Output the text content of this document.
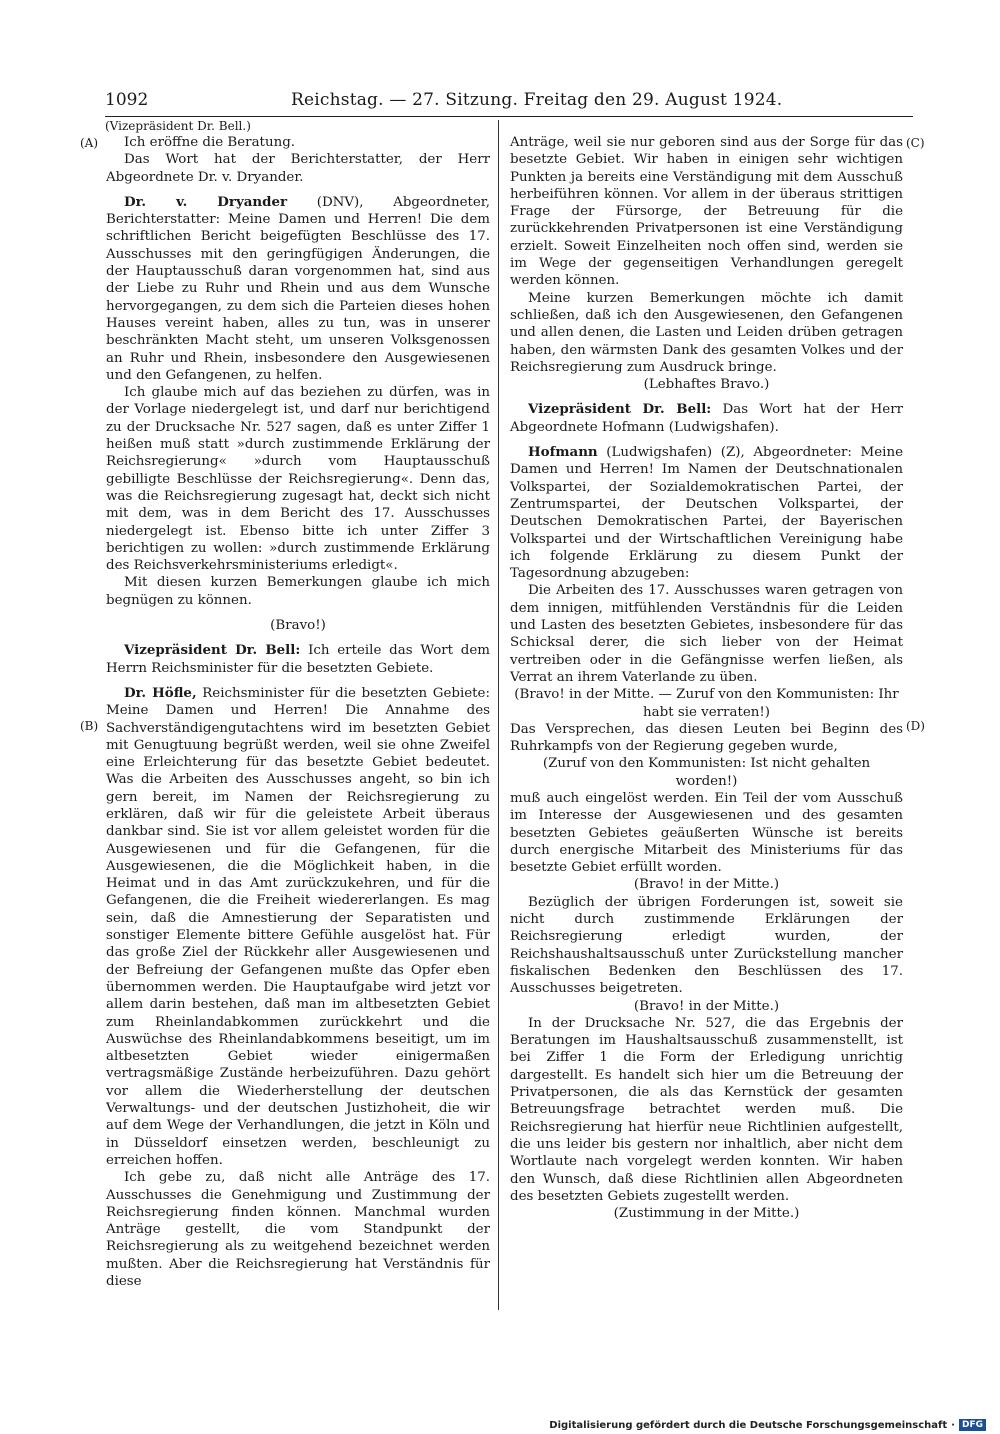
1092	Reichstag. — 27. Sitzung. Freitag den 29. August 1924.
(Vizepräsident Dr. Bell.)
(A)
(B)
(C)
(D)

Ich eröffne die Beratung.

Das Wort hat der Berichterstatter, der Herr Abgeordnete Dr. v. Dryander.

Dr. v. Dryander (DNV), Abgeordneter, Berichterstatter: Meine Damen und Herren! Die dem schriftlichen Bericht beigefügten Beschlüsse des 17. Ausschusses mit den geringfügigen Änderungen, die der Hauptausschuß daran vorgenommen hat, sind aus der Liebe zu Ruhr und Rhein und aus dem Wunsche hervorgegangen, zu dem sich die Parteien dieses hohen Hauses vereint haben, alles zu tun, was in unserer beschränkten Macht steht, um unseren Volksgenossen an Ruhr und Rhein, insbesondere den Ausgewiesenen und den Gefangenen, zu helfen.

Ich glaube mich auf das beziehen zu dürfen, was in der Vorlage niedergelegt ist, und darf nur berichtigend zu der Drucksache Nr. 527 sagen, daß es unter Ziffer 1 heißen muß statt »durch zustimmende Erklärung der Reichsregierung« »durch vom Hauptausschuß gebilligte Beschlüsse der Reichsregierung«. Denn das, was die Reichsregierung zugesagt hat, deckt sich nicht mit dem, was in dem Bericht des 17. Ausschusses niedergelegt ist. Ebenso bitte ich unter Ziffer 3 berichtigen zu wollen: »durch zustimmende Erklärung des Reichsverkehrsministeriums erledigt«.

Mit diesen kurzen Bemerkungen glaube ich mich begnügen zu können.

(Bravo!)

Vizepräsident Dr. Bell: Ich erteile das Wort dem Herrn Reichsminister für die besetzten Gebiete.

Dr. Höfle, Reichsminister für die besetzten Gebiete: Meine Damen und Herren! Die Annahme des Sachverständigengutachtens wird im besetzten Gebiet mit Genugtuung begrüßt werden, weil sie ohne Zweifel eine Erleichterung für das besetzte Gebiet bedeutet. Was die Arbeiten des Ausschusses angeht, so bin ich gern bereit, im Namen der Reichsregierung zu erklären, daß wir für die geleistete Arbeit überaus dankbar sind. Sie ist vor allem geleistet worden für die Ausgewiesenen und für die Gefangenen, für die Ausgewiesenen, die die Möglichkeit haben, in die Heimat und in das Amt zurückzukehren, und für die Gefangenen, die die Freiheit wiedererlangen. Es mag sein, daß die Amnestierung der Separatisten und sonstiger Elemente bittere Gefühle ausgelöst hat. Für das große Ziel der Rückkehr aller Ausgewiesenen und der Befreiung der Gefangenen mußte das Opfer eben übernommen werden. Die Hauptaufgabe wird jetzt vor allem darin bestehen, daß man im altbesetzten Gebiet zum Rheinlandabkommen zurückkehrt und die Auswüchse des Rheinlandabkommens beseitigt, um im altbesetzten Gebiet wieder einigermaßen vertragsmäßige Zustände herbeizuführen. Dazu gehört vor allem die Wiederherstellung der deutschen Verwaltungs- und der deutschen Justizhoheit, die wir auf dem Wege der Verhandlungen, die jetzt in Köln und in Düsseldorf einsetzen werden, beschleunigt zu erreichen hoffen.

Ich gebe zu, daß nicht alle Anträge des 17. Ausschusses die Genehmigung und Zustimmung der Reichsregierung finden können. Manchmal wurden Anträge gestellt, die vom Standpunkt der Reichsregierung als zu weitgehend bezeichnet werden mußten. Aber die Reichsregierung hat Verständnis für diese

Anträge, weil sie nur geboren sind aus der Sorge für das besetzte Gebiet. Wir haben in einigen sehr wichtigen Punkten ja bereits eine Verständigung mit dem Ausschuß herbeiführen können. Vor allem in der überaus strittigen Frage der Fürsorge, der Betreuung für die zurückkehrenden Privatpersonen ist eine Verständigung erzielt. Soweit Einzelheiten noch offen sind, werden sie im Wege der gegenseitigen Verhandlungen geregelt werden können.

Meine kurzen Bemerkungen möchte ich damit schließen, daß ich den Ausgewiesenen, den Gefangenen und allen denen, die Lasten und Leiden drüben getragen haben, den wärmsten Dank des gesamten Volkes und der Reichsregierung zum Ausdruck bringe.

(Lebhaftes Bravo.)

Vizepräsident Dr. Bell: Das Wort hat der Herr Abgeordnete Hofmann (Ludwigshafen).

Hofmann (Ludwigshafen) (Z), Abgeordneter: Meine Damen und Herren! Im Namen der Deutschnationalen Volkspartei, der Sozialdemokratischen Partei, der Zentrumspartei, der Deutschen Volkspartei, der Deutschen Demokratischen Partei, der Bayerischen Volkspartei und der Wirtschaftlichen Vereinigung habe ich folgende Erklärung zu diesem Punkt der Tagesordnung abzugeben:

Die Arbeiten des 17. Ausschusses waren getragen von dem innigen, mitfühlenden Verständnis für die Leiden und Lasten des besetzten Gebietes, insbesondere für das Schicksal derer, die sich lieber von der Heimat vertreiben oder in die Gefängnisse werfen ließen, als Verrat an ihrem Vaterlande zu üben.

(Bravo! in der Mitte. — Zuruf von den Kommunisten: Ihr habt sie verraten!)

Das Versprechen, das diesen Leuten bei Beginn des Ruhrkampfs von der Regierung gegeben wurde,

(Zuruf von den Kommunisten: Ist nicht gehalten worden!)

muß auch eingelöst werden. Ein Teil der vom Ausschuß im Interesse der Ausgewiesenen und des gesamten besetzten Gebietes geäußerten Wünsche ist bereits durch energische Mitarbeit des Ministeriums für das besetzte Gebiet erfüllt worden.

(Bravo! in der Mitte.)

Bezüglich der übrigen Forderungen ist, soweit sie nicht durch zustimmende Erklärungen der Reichsregierung erledigt wurden, der Reichshaushaltsausschuß unter Zurückstellung mancher fiskalischen Bedenken den Beschlüssen des 17. Ausschusses beigetreten.

(Bravo! in der Mitte.)

In der Drucksache Nr. 527, die das Ergebnis der Beratungen im Haushaltsausschuß zusammenstellt, ist bei Ziffer 1 die Form der Erledigung unrichtig dargestellt. Es handelt sich hier um die Betreuung der Privatpersonen, die als das Kernstück der gesamten Betreuungsfrage betrachtet werden muß. Die Reichsregierung hat hierfür neue Richtlinien aufgestellt, die uns leider bis gestern nor inhaltlich, aber nicht dem Wortlaute nach vorgelegt werden konnten. Wir haben den Wunsch, daß diese Richtlinien allen Abgeordneten des besetzten Gebiets zugestellt werden.

(Zustimmung in der Mitte.)

Digitalisierung gefördert durch die Deutsche Forschungsgemeinschaft · DFG
